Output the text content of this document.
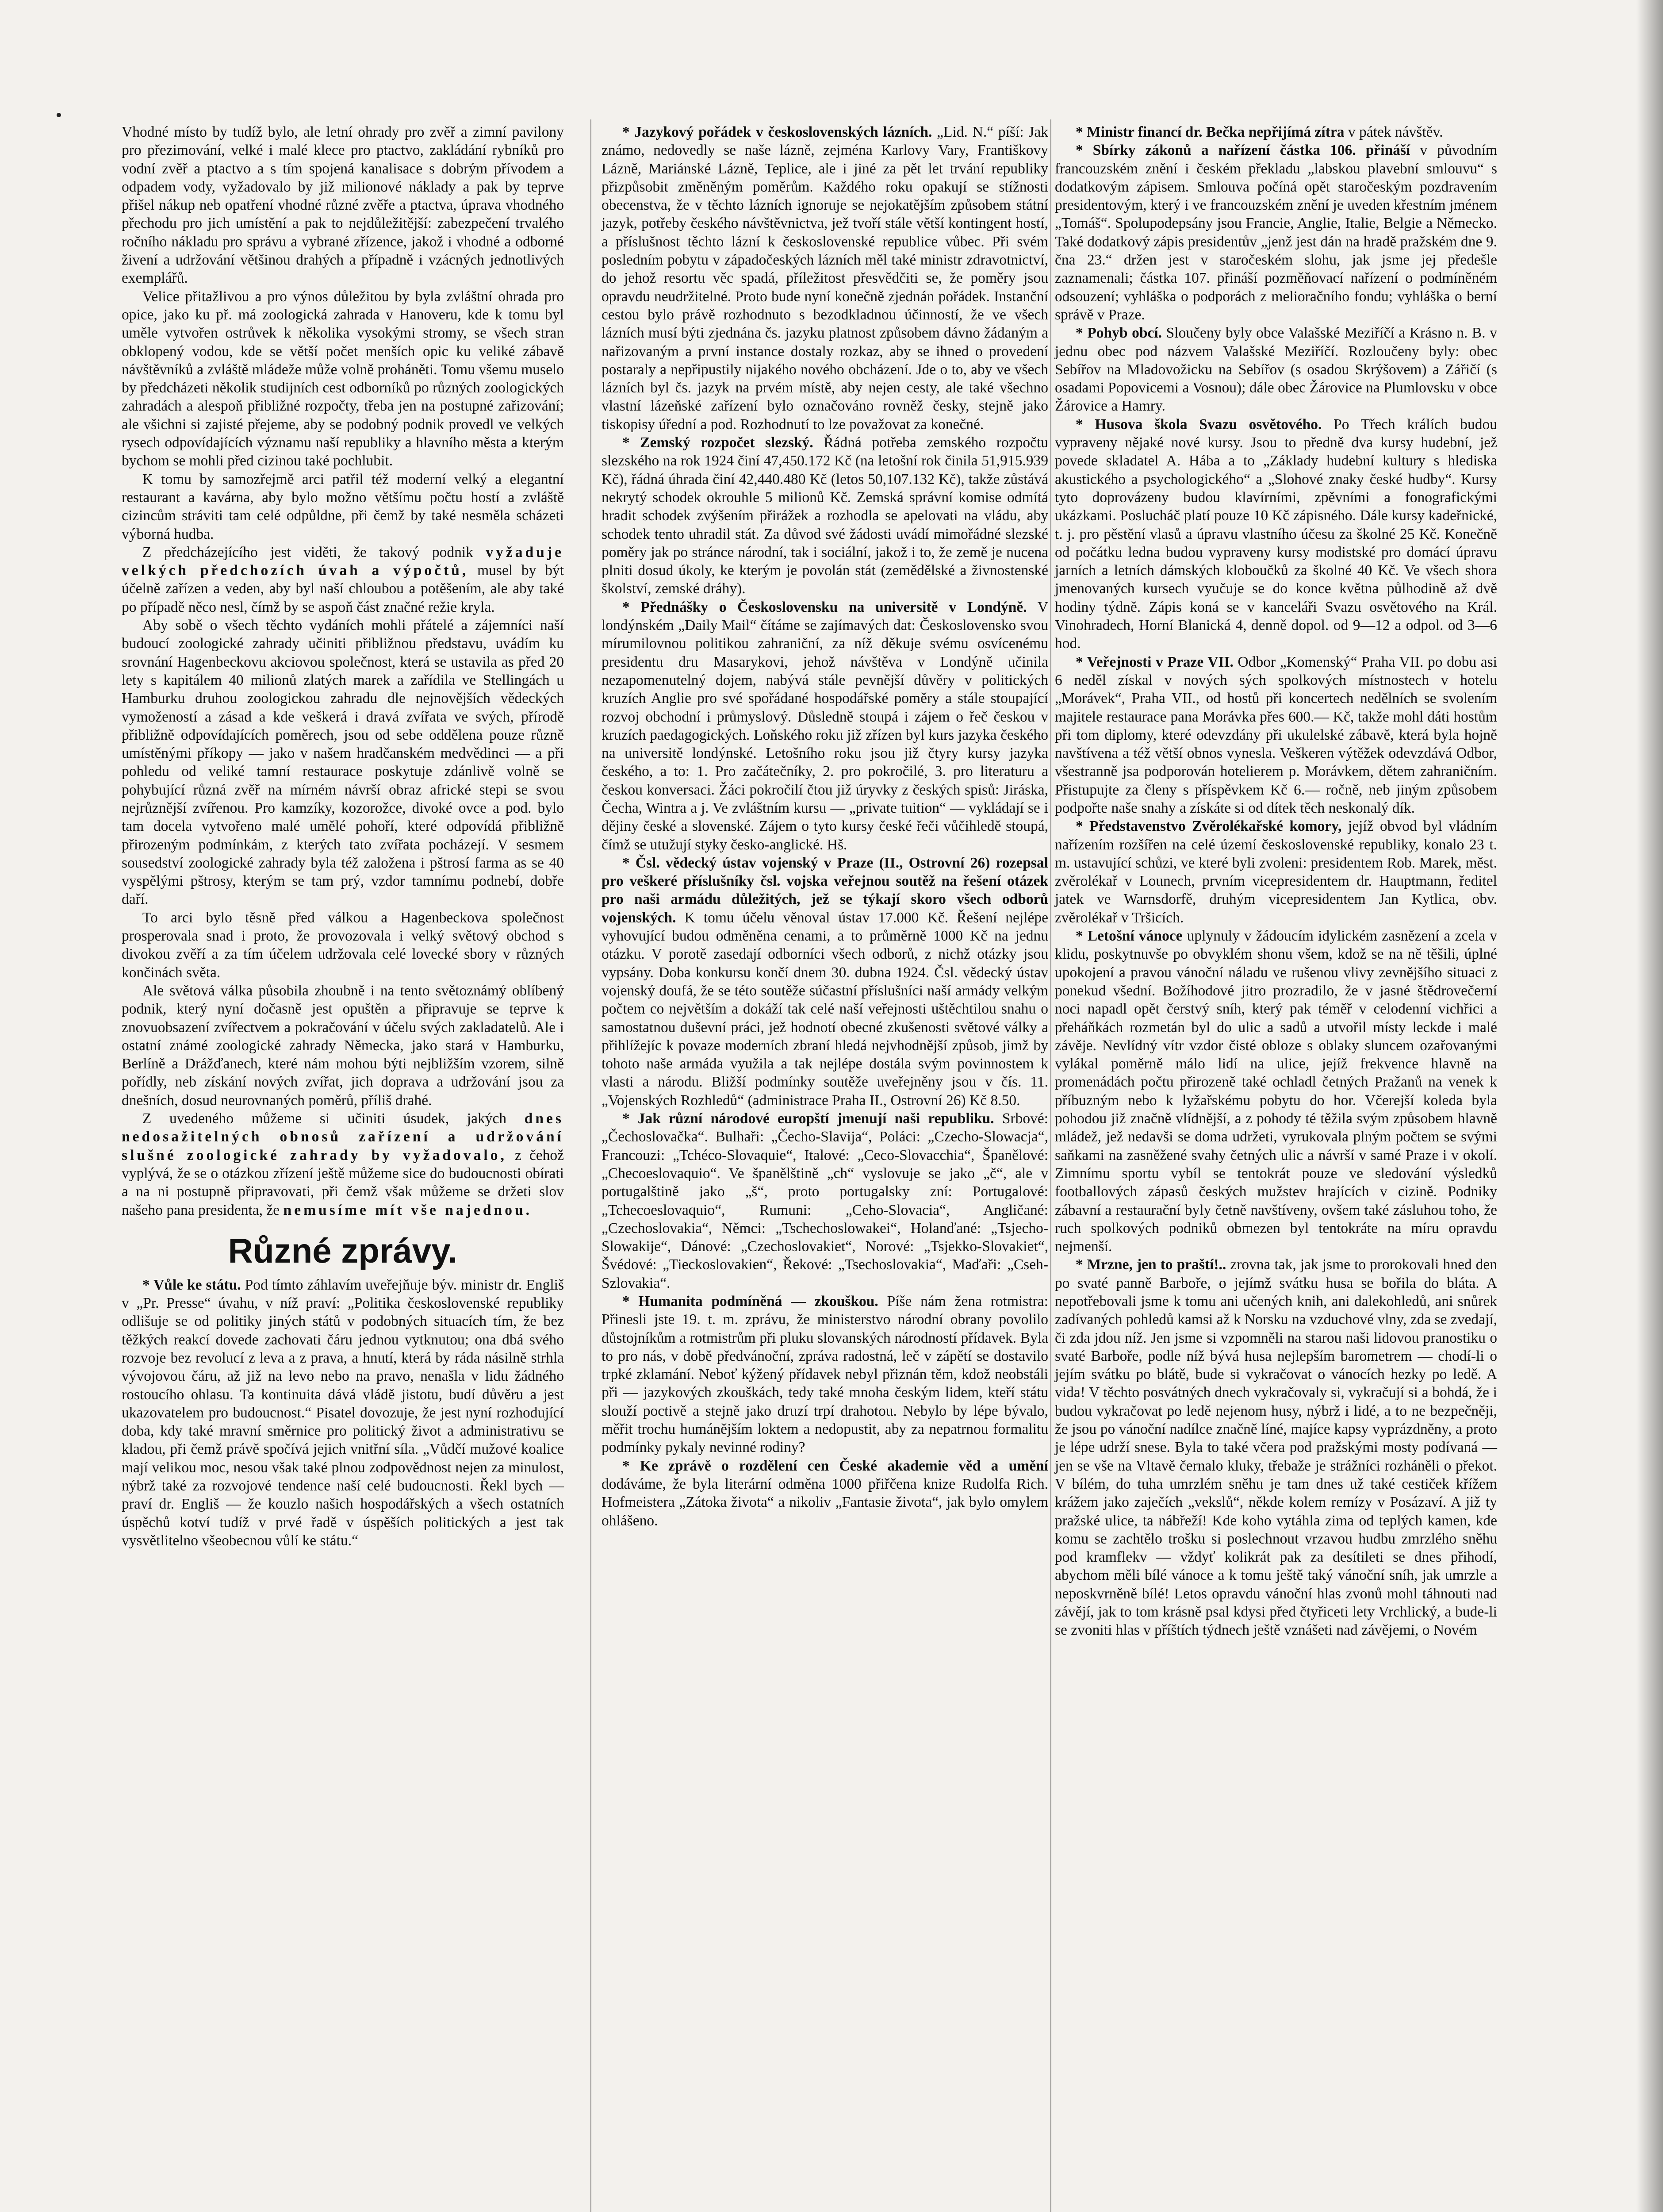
Vhodné místo by tudíž bylo, ale letní ohrady pro zvěř a zimní pavilony pro přezimování, velké i malé klece pro ptactvo, zakládání rybníků pro vodní zvěř a ptactvo a s tím spojená kanalisace s dobrým přívodem a odpadem vody, vyžadovalo by již milionové náklady a pak by teprve přišel nákup neb opatření vhodné různé zvěře a ptactva, úprava vhodného přechodu pro jich umístění a pak to nejdůležitější: zabezpečení trvalého ročního nákladu pro správu a vybrané zřízence, jakož i vhodné a odborné živení a udržování většinou drahých a případně i vzácných jednotlivých exemplářů.

Velice přitažlivou a pro výnos důležitou by byla zvláštní ohrada pro opice, jako ku př. má zoologická zahrada v Hanoveru, kde k tomu byl uměle vytvořen ostrůvek k několika vysokými stromy, se všech stran obklopený vodou, kde se větší počet menších opic ku veliké zábavě návštěvníků a zvláště mládeže může volně proháněti. Tomu všemu muselo by předcházeti několik studijních cest odborníků po různých zoologických zahradách a alespoň přibližné rozpočty, třeba jen na postupné zařizování; ale všichni si zajisté přejeme, aby se podobný podnik provedl ve velkých rysech odpovídajících významu naší republiky a hlavního města a kterým bychom se mohli před cizinou také pochlubit.

K tomu by samozřejmě arci patřil též moderní velký a elegantní restaurant a kavárna, aby bylo možno většímu počtu hostí a zvláště cizincům stráviti tam celé odpůldne, při čemž by také nesměla scházeti výborná hudba.

Z předcházejícího jest viděti, že takový podnik vyžaduje velkých předchozích úvah a výpočtů, musel by být účelně zařízen a veden, aby byl naší chloubou a potěšením, ale aby také po případě něco nesl, čímž by se aspoň část značné režie kryla.

Aby sobě o všech těchto vydáních mohli přátelé a zájemníci naší budoucí zoologické zahrady učiniti přibližnou představu, uvádím ku srovnání Hagenbeckovu akciovou společnost, která se ustavila as před 20 lety s kapitálem 40 milionů zlatých marek a zařídila ve Stellingách u Hamburku druhou zoologickou zahradu dle nejnovějších vědeckých vymožeností a zásad a kde veškerá i dravá zvířata ve svých, přírodě přibližně odpovídajících poměrech, jsou od sebe oddělena pouze různě umístěnými příkopy — jako v našem hradčanském medvědinci — a při pohledu od veliké tamní restaurace poskytuje zdánlivě volně se pohybující různá zvěř na mírném návrší obraz africké stepi se svou nejrůznější zvířenou. Pro kamzíky, kozorožce, divoké ovce a pod. bylo tam docela vytvořeno malé umělé pohoří, které odpovídá přibližně přirozeným podmínkám, z kterých tato zvířata pocházejí. V sesmem sousedství zoologické zahrady byla též založena i pštrosí farma as se 40 vyspělými pštrosy, kterým se tam prý, vzdor tamnímu podnebí, dobře daří.

To arci bylo těsně před válkou a Hagenbeckova společnost prosperovala snad i proto, že provozovala i velký světový obchod s divokou zvěří a za tím účelem udržovala celé lovecké sbory v různých končinách světa.

Ale světová válka působila zhoubně i na tento světoznámý oblíbený podnik, který nyní dočasně jest opuštěn a připravuje se teprve k znovuobsazení zvířectvem a pokračování v účelu svých zakladatelů. Ale i ostatní známé zoologické zahrady Německa, jako stará v Hamburku, Berlíně a Drážďanech, které nám mohou býti nejbližším vzorem, silně pořídly, neb získání nových zvířat, jich doprava a udržování jsou za dnešních, dosud neurovnaných poměrů, příliš drahé.

Z uvedeného můžeme si učiniti úsudek, jakých dnes nedosažitelných obnosů zařízení a udržování slušné zoologické zahrady by vyžadovalo, z čehož vyplývá, že se o otázkou zřízení ještě můžeme sice do budoucnosti obírati a na ni postupně připravovati, při čemž však můžeme se držeti slov našeho pana presidenta, že nemusíme mít vše najednou.

Různé zprávy.

* Vůle ke státu. Pod tímto záhlavím uveřejňuje býv. ministr dr. Engliš v „Pr. Presse“ úvahu, v níž praví: „Politika československé republiky odlišuje se od politiky jiných států v podobných situacích tím, že bez těžkých reakcí dovede zachovati čáru jednou vytknutou; ona dbá svého rozvoje bez revolucí z leva a z prava, a hnutí, která by ráda násilně strhla vývojovou čáru, až již na levo nebo na pravo, nenašla v lidu žádného rostoucího ohlasu. Ta kontinuita dává vládě jistotu, budí důvěru a jest ukazovatelem pro budoucnost.“ Pisatel dovozuje, že jest nyní rozhodující doba, kdy také mravní směrnice pro politický život a administrativu se kladou, při čemž právě spočívá jejich vnitřní síla. „Vůdčí mužové koalice mají velikou moc, nesou však také plnou zodpovědnost nejen za minulost, nýbrž také za rozvojové tendence naší celé budoucnosti. Řekl bych — praví dr. Engliš — že kouzlo našich hospodářských a všech ostatních úspěchů kotví tudíž v prvé řadě v úspěších politických a jest tak vysvětlitelno všeobecnou vůlí ke státu.“

* Jazykový pořádek v československých lázních. „Lid. N.“ píší: Jak známo, nedovedly se naše lázně, zejména Karlovy Vary, Františkovy Lázně, Mariánské Lázně, Teplice, ale i jiné za pět let trvání republiky přizpůsobit změněným poměrům. Každého roku opakují se stížnosti obecenstva, že v těchto lázních ignoruje se nejokatějším způsobem státní jazyk, potřeby českého návštěvnictva, jež tvoří stále větší kontingent hostí, a příslušnost těchto lázní k československé republice vůbec. Při svém posledním pobytu v západočeských lázních měl také ministr zdravotnictví, do jehož resortu věc spadá, příležitost přesvědčiti se, že poměry jsou opravdu neudržitelné. Proto bude nyní konečně zjednán pořádek. Instanční cestou bylo právě rozhodnuto s bezodkladnou účinností, že ve všech lázních musí býti zjednána čs. jazyku platnost způsobem dávno žádaným a nařizovaným a první instance dostaly rozkaz, aby se ihned o provedení postaraly a nepřipustily nijakého nového obcházení. Jde o to, aby ve všech lázních byl čs. jazyk na prvém místě, aby nejen cesty, ale také všechno vlastní lázeňské zařízení bylo označováno rovněž česky, stejně jako tiskopisy úřední a pod. Rozhodnutí to lze považovat za konečné.

* Zemský rozpočet slezský. Řádná potřeba zemského rozpočtu slezského na rok 1924 činí 47,450.172 Kč (na letošní rok činila 51,915.939 Kč), řádná úhrada činí 42,440.480 Kč (letos 50,107.132 Kč), takže zůstává nekrytý schodek okrouhle 5 milionů Kč. Zemská správní komise odmítá hradit schodek zvýšením přirážek a rozhodla se apelovati na vládu, aby schodek tento uhradil stát. Za důvod své žádosti uvádí mimořádné slezské poměry jak po stránce národní, tak i sociální, jakož i to, že země je nucena plniti dosud úkoly, ke kterým je povolán stát (zemědělské a živnostenské školství, zemské dráhy).

* Přednášky o Československu na universitě v Londýně. V londýnském „Daily Mail“ čítáme se zajímavých dat: Československo svou mírumilovnou politikou zahraniční, za níž děkuje svému osvícenému presidentu dru Masarykovi, jehož návštěva v Londýně učinila nezapomenutelný dojem, nabývá stále pevnější důvěry v politických kruzích Anglie pro své spořádané hospodářské poměry a stále stoupající rozvoj obchodní i průmyslový. Důsledně stoupá i zájem o řeč českou v kruzích paedagogických. Loňského roku již zřízen byl kurs jazyka českého na universitě londýnské. Letošního roku jsou již čtyry kursy jazyka českého, a to: 1. Pro začátečníky, 2. pro pokročilé, 3. pro literaturu a českou konversaci. Žáci pokročilí čtou již úryvky z českých spisů: Jiráska, Čecha, Wintra a j. Ve zvláštním kursu — „private tuition“ — vykládají se i dějiny české a slovenské. Zájem o tyto kursy české řeči vůčihledě stoupá, čímž se utužují styky česko-anglické. Hš.

* Čsl. vědecký ústav vojenský v Praze (II., Ostrovní 26) rozepsal pro veškeré příslušníky čsl. vojska veřejnou soutěž na řešení otázek pro naši armádu důležitých, jež se týkají skoro všech odborů vojenských. K tomu účelu věnoval ústav 17.000 Kč. Řešení nejlépe vyhovující budou odměněna cenami, a to průměrně 1000 Kč na jednu otázku. V porotě zasedají odborníci všech odborů, z nichž otázky jsou vypsány. Doba konkursu končí dnem 30. dubna 1924. Čsl. vědecký ústav vojenský doufá, že se této soutěže súčastní příslušníci naší armády velkým počtem co největším a dokáží tak celé naší veřejnosti uštěchtilou snahu o samostatnou duševní práci, jež hodnotí obecné zkušenosti světové války a přihlížejíc k povaze moderních zbraní hledá nejvhodnější způsob, jimž by tohoto naše armáda využila a tak nejlépe dostála svým povinnostem k vlasti a národu. Bližší podmínky soutěže uveřejněny jsou v čís. 11. „Vojenských Rozhledů“ (administrace Praha II., Ostrovní 26) Kč 8.50.

* Jak různí národové europští jmenují naši republiku. Srbové: „Čechoslovačka“. Bulhaři: „Čecho-Slavija“, Poláci: „Czecho-Slowacja“, Francouzi: „Tchéco-Slovaquie“, Italové: „Ceco-Slovacchia“, Španělové: „Checoeslovaquio“. Ve španělštině „ch“ vyslovuje se jako „č“, ale v portugalštině jako „š“, proto portugalsky zní: Portugalové: „Tchecoeslovaquio“, Rumuni: „Ceho-Slovacia“, Angličané: „Czechoslovakia“, Němci: „Tschechoslowakei“, Holanďané: „Tsjecho-Slowakije“, Dánové: „Czechoslovakiet“, Norové: „Tsjekko-Slovakiet“, Švédové: „Tieckoslovakien“, Řekové: „Tsechoslovakia“, Maďaři: „Cseh-Szlovakia“.

* Humanita podmíněná — zkouškou. Píše nám žena rotmistra: Přinesli jste 19. t. m. zprávu, že ministerstvo národní obrany povolilo důstojníkům a rotmistrům při pluku slovanských národností přídavek. Byla to pro nás, v době předvánoční, zpráva radostná, leč v zápětí se dostavilo trpké zklamání. Neboť kýžený přídavek nebyl přiznán těm, kdož neobstáli při — jazykových zkouškách, tedy také mnoha českým lidem, kteří státu slouží poctivě a stejně jako druzí trpí drahotou. Nebylo by lépe bývalo, měřit trochu humánějším loktem a nedopustit, aby za nepatrnou formalitu podmínky pykaly nevinné rodiny?

* Ke zprávě o rozdělení cen České akademie věd a umění dodáváme, že byla literární odměna 1000 přiřčena knize Rudolfa Rich. Hofmeistera „Zátoka života“ a nikoliv „Fantasie života“, jak bylo omylem ohlášeno.

* Ministr financí dr. Bečka nepřijímá zítra v pátek návštěv.

* Sbírky zákonů a nařízení částka 106. přináší v původním francouzském znění i českém překladu „labskou plavební smlouvu“ s dodatkovým zápisem. Smlouva počíná opět staročeským pozdravením presidentovým, který i ve francouzském znění je uveden křestním jménem „Tomáš“. Spolupodepsány jsou Francie, Anglie, Italie, Belgie a Německo. Také dodatkový zápis presidentův „jenž jest dán na hradě pražském dne 9. čna 23.“ držen jest v staročeském slohu, jak jsme jej předešle zaznamenali; částka 107. přináší pozměňovací nařízení o podmíněném odsouzení; vyhláška o podporách z melioračního fondu; vyhláška o berní správě v Praze.

* Pohyb obcí. Sloučeny byly obce Valašské Meziříčí a Krásno n. B. v jednu obec pod názvem Valašské Meziříčí. Rozloučeny byly: obec Sebířov na Mladovožicku na Sebířov (s osadou Skrýšovem) a Zářičí (s osadami Popovicemi a Vosnou); dále obec Žárovice na Plumlovsku v obce Žárovice a Hamry.

* Husova škola Svazu osvětového. Po Třech králích budou vypraveny nějaké nové kursy. Jsou to předně dva kursy hudební, jež povede skladatel A. Hába a to „Základy hudební kultury s hlediska akustického a psychologického“ a „Slohové znaky české hudby“. Kursy tyto doprovázeny budou klavírními, zpěvními a fonografickými ukázkami. Poslucháč platí pouze 10 Kč zápisného. Dále kursy kadeřnické, t. j. pro pěstění vlasů a úpravu vlastního účesu za školné 25 Kč. Konečně od počátku ledna budou vypraveny kursy modistské pro domácí úpravu jarních a letních dámských kloboučků za školné 40 Kč. Ve všech shora jmenovaných kursech vyučuje se do konce května půlhodině až dvě hodiny týdně. Zápis koná se v kanceláři Svazu osvětového na Král. Vinohradech, Horní Blanická 4, denně dopol. od 9—12 a odpol. od 3—6 hod.

* Veřejnosti v Praze VII. Odbor „Komenský“ Praha VII. po dobu asi 6 neděl získal v nových sých spolkových místnostech v hotelu „Morávek“, Praha VII., od hostů při koncertech nedělních se svolením majitele restaurace pana Morávka přes 600.— Kč, takže mohl dáti hostům při tom diplomy, které odevzdány při ukulelské zábavě, která byla hojně navštívena a též větší obnos vynesla. Veškeren výtěžek odevzdává Odbor, všestranně jsa podporován hotelierem p. Morávkem, dětem zahraničním. Přistupujte za členy s příspěvkem Kč 6.— ročně, neb jiným způsobem podpořte naše snahy a získáte si od dítek těch neskonalý dík.

* Představenstvo Zvěrolékařské komory, jejíž obvod byl vládním nařízením rozšířen na celé území československé republiky, konalo 23 t. m. ustavující schůzi, ve které byli zvoleni: presidentem Rob. Marek, měst. zvěrolékař v Lounech, prvním vicepresidentem dr. Hauptmann, ředitel jatek ve Warnsdorfě, druhým vicepresidentem Jan Kytlica, obv. zvěrolékař v Tršicích.

* Letošní vánoce uplynuly v žádoucím idylickém zasnězení a zcela v klidu, poskytnuvše po obvyklém shonu všem, kdož se na ně těšili, úplné upokojení a pravou vánoční náladu ve rušenou vlivy zevnějšího situaci z ponekud všední. Božíhodové jitro prozradilo, že v jasné štědrovečerní noci napadl opět čerstvý sníh, který pak téměř v celodenní vichřici a přeháňkách rozmetán byl do ulic a sadů a utvořil místy leckde i malé závěje. Nevlídný vítr vzdor čisté obloze s oblaky sluncem ozařovanými vylákal poměrně málo lidí na ulice, jejíž frekvence hlavně na promenádách počtu přirozeně také ochladl četných Pražanů na venek k příbuzným nebo k lyžařskému pobytu do hor. Včerejší koleda byla pohodou již značně vlídnější, a z pohody té těžila svým způsobem hlavně mládež, jež nedavši se doma udržeti, vyrukovala plným počtem se svými saňkami na zasněžené svahy četných ulic a návrší v samé Praze i v okolí. Zimnímu sportu vybíl se tentokrát pouze ve sledování výsledků footballových zápasů českých mužstev hrajících v cizině. Podniky zábavní a restaurační byly četně navštíveny, ovšem také zásluhou toho, že ruch spolkových podniků obmezen byl tentokráte na míru opravdu nejmenší.

* Mrzne, jen to praští!.. zrovna tak, jak jsme to prorokovali hned den po svaté panně Barboře, o jejímž svátku husa se bořila do bláta. A nepotřebovali jsme k tomu ani učených knih, ani dalekohledů, ani snůrek zadívaných pohledů kamsi až k Norsku na vzduchové vlny, zda se zvedají, či zda jdou níž. Jen jsme si vzpomněli na starou naši lidovou pranostiku o svaté Barboře, podle níž bývá husa nejlepším barometrem — chodí-li o jejím svátku po blátě, bude si vykračovat o vánocích hezky po ledě. A vida! V těchto posvátných dnech vykračovaly si, vykračují si a bohdá, že i budou vykračovat po ledě nejenom husy, nýbrž i lidé, a to ne bezpečněji, že jsou po vánoční nadílce značně líné, majíce kapsy vyprázdněny, a proto je lépe udrží snese. Byla to také včera pod pražskými mosty podívaná — jen se vše na Vltavě černalo kluky, třebaže je strážníci rozháněli o překot. V bílém, do tuha umrzlém sněhu je tam dnes už také cestiček křížem krážem jako zaječích „vekslů“, někde kolem remízy v Posázaví. A již ty pražské ulice, ta nábřeží! Kde koho vytáhla zima od teplých kamen, kde komu se zachtělo trošku si poslechnout vrzavou hudbu zmrzlého sněhu pod kramflekv — vždyť kolikrát pak za desítileti se dnes přihodí, abychom měli bílé vánoce a k tomu ještě taký vánoční sníh, jak umrzle a neposkvrněně bílé! Letos opravdu vánoční hlas zvonů mohl táhnouti nad závějí, jak to tom krásně psal kdysi před čtyřiceti lety Vrchlický, a bude-li se zvoniti hlas v příštích týdnech ještě vznášeti nad závějemi, o Novém
